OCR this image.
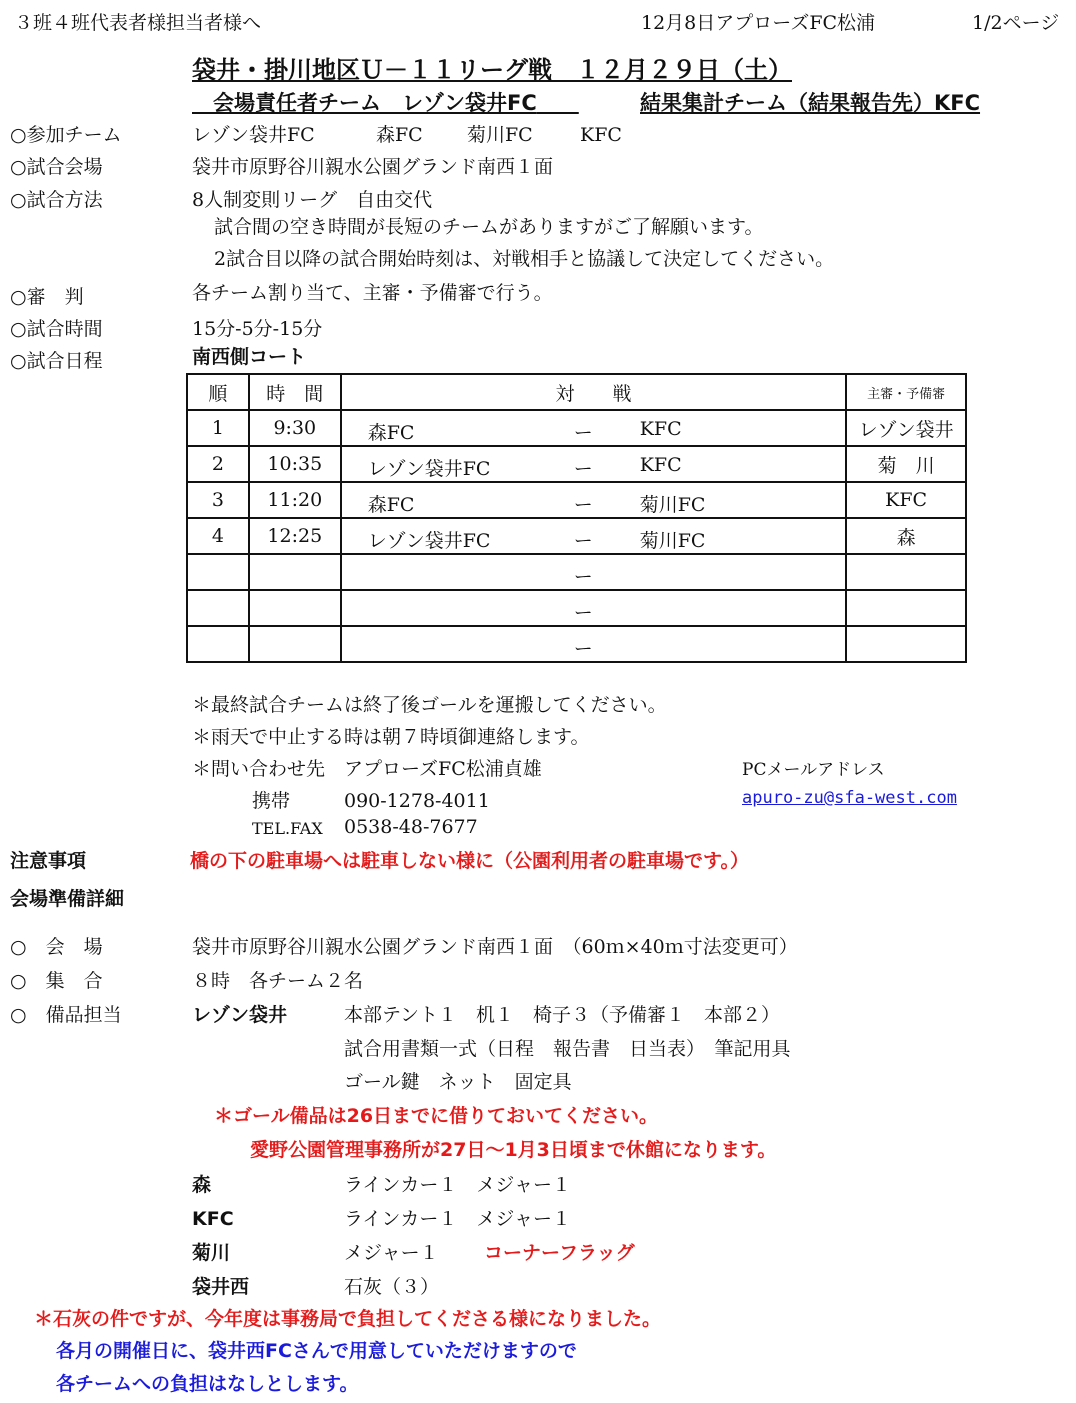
３班４班代表者様担当者様へ	12月8日アプローズFC松浦	1/2ページ
袋井・掛川地区Ｕ－１１リーグ戦　１２月２９日（土）
 会場責任者チーム　レゾン袋井FC  	結果集計チーム（結果報告先）KFC
○参加チーム	レゾン袋井FC	森FC 菊川FC KFC
○試合会場	袋井市原野谷川親水公園グランド南西１面
○試合方法	8人制変則リーグ　自由交代
試合間の空き時間が長短のチームがありますがご了解願います。
2試合目以降の試合開始時刻は、対戦相手と協議して決定してください。
○審　判	各チーム割り当て、主審・予備審で行う。
○試合時間	15分-5分-15分
○試合日程	南西側コート
順	時　間	対　　戦	主審・予備審
1	9:30	森FC ー KFC	レゾン袋井
2	10:35	レゾン袋井FC ー KFC	菊　川
3	11:20	森FC ー 菊川FC	KFC
4	12:25	レゾン袋井FC ー 菊川FC	森

		ー	

		ー	

		ー	

＊最終試合チームは終了後ゴールを運搬してください。
＊雨天で中止する時は朝７時頃御連絡します。
＊問い合わせ先　アプローズFC松浦貞雄
携帯	090-1278-4011
TEL.FAX 0538-48-7677
PCメールアドレス
apuro-zu@sfa-west.com
注意事項	橋の下の駐車場へは駐車しない様に（公園利用者の駐車場です。）
会場準備詳細
○　会　場	袋井市原野谷川親水公園グランド南西１面　（60ｍ×40ｍ寸法変更可）
○　集　合	８時　各チーム２名
○　備品担当	レゾン袋井	本部テント１　机１　椅子３（予備審１　本部２）
試合用書類一式（日程　報告書　日当表）　筆記用具
ゴール鍵　ネット　固定具
＊ゴール備品は26日までに借りておいてください。
愛野公園管理事務所が27日～1月3日頃まで休館になります。
森	ラインカー１　メジャー１
KFC	ラインカー１　メジャー１
菊川	メジャー１ コーナーフラッグ
袋井西	石灰（３）
＊石灰の件ですが、今年度は事務局で負担してくださる様になりました。
各月の開催日に、袋井西FCさんで用意していただけますので
各チームへの負担はなしとします。
